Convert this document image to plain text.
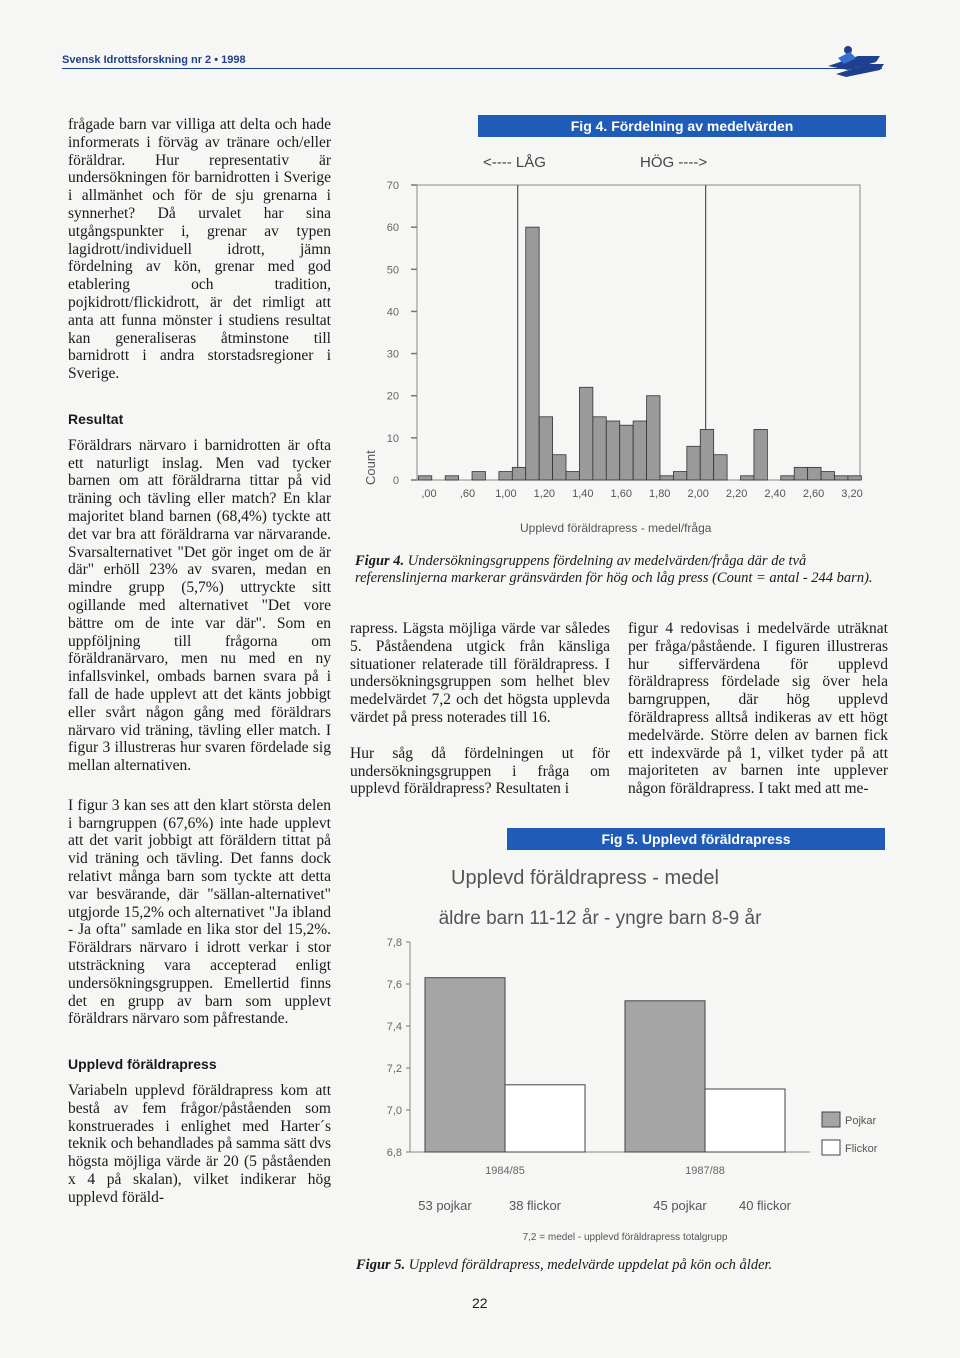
Svensk Idrottsforskning nr 2 • 1998

frågade barn var villiga att delta och hade informerats i förväg av tränare och/eller föräldrar. Hur representativ är undersökningen för barnidrotten i Sverige i allmänhet och för de sju grenarna i synnerhet? Då urvalet har sina utgångspunkter i, grenar av typen lagidrott/individuell idrott, jämn fördelning av kön, grenar med god etablering och tradition, pojkidrott/flickidrott, är det rimligt att anta att funna mönster i studiens resultat kan generaliseras åtminstone till barnidrott i andra storstadsregioner i Sverige.

Resultat

Föräldrars närvaro i barnidrotten är ofta ett naturligt inslag. Men vad tycker barnen om att föräldrarna tittar på vid träning och tävling eller match? En klar majoritet bland barnen (68,4%) tyckte att det var bra att föräldrarna var närvarande. Svarsalternativet "Det gör inget om de är där" erhöll 23% av svaren, medan en mindre grupp (5,7%) uttryckte sitt ogillande med alternativet "Det vore bättre om de inte var där". Som en uppföljning till frågorna om föräldranärvaro, men nu med en ny infallsvinkel, ombads barnen svara på i fall de hade upplevt att det känts jobbigt eller svårt någon gång med föräldrars närvaro vid träning, tävling eller match. I figur 3 illustreras hur svaren fördelade sig mellan alternativen.

I figur 3 kan ses att den klart största delen i barngruppen (67,6%) inte hade upplevt att det varit jobbigt att föräldern tittat på vid träning och tävling. Det fanns dock relativt många barn som tyckte att detta var besvärande, där "sällan-alternativet" utgjorde 15,2% och alternativet "Ja ibland - Ja ofta" samlade en lika stor del 15,2%. Föräldrars närvaro i idrott verkar i stor utsträckning vara accepterad enligt undersökningsgruppen. Emellertid finns det en grupp av barn som upplevt föräldrars närvaro som påfrestande.

Upplevd föräldrapress

Variabeln upplevd föräldrapress kom att bestå av fem frågor/påståenden som konstruerades i enlighet med Harter´s teknik och behandlades på samma sätt dvs högsta möjliga värde är 20 (5 påståenden x 4 på skalan), vilket indikerar hög upplevd föräld-

Fig 4. Fördelning av medelvärden
<---- LÅG	HÖG ---->
Count
Upplevd föräldrapress - medel/fråga
0
10
20
30
40
50
60
70
,00 ,60 1,00 1,20 1,40 1,60 1,80 2,00 2,20 2,40 2,60 3,20
Figur 4. Undersökningsgruppens fördelning av medelvärden/fråga där de två referenslinjerna markerar gränsvärden för hög och låg press (Count = antal - 244 barn).

rapress. Lägsta möjliga värde var således 5. Påståendena utgick från känsliga situationer relaterade till föräldrapress. I undersökningsgruppen som helhet blev medelvärdet 7,2 och det högsta upplevda värdet på press noterades till 16.

Hur såg då fördelningen ut för undersökningsgruppen i fråga om upplevd föräldrapress? Resultaten i

figur 4 redovisas i medelvärde uträknat per fråga/påstående. I figuren illustreras hur siffervärdena för upplevd föräldrapress fördelade sig över hela barngruppen, där hög upplevd föräldrapress alltså indikeras av ett högt medelvärde. Större delen av barnen fick ett indexvärde på 1, vilket tyder på att majoriteten av barnen inte upplever någon föräldrapress. I takt med att me-

Fig 5. Upplevd föräldrapress
Upplevd föräldrapress - medel
äldre barn 11-12 år - yngre barn 8-9 år
7,2 = medel - upplevd föräldrapress totalgrupp
6,8
7,0
7,2
7,4
7,6
7,8
1984/85	1987/88
53 pojkar	38 flickor	45 pojkar 40 flickor
Pojkar
Flickor
Figur 5. Upplevd föräldrapress, medelvärde uppdelat på kön och ålder.
22
